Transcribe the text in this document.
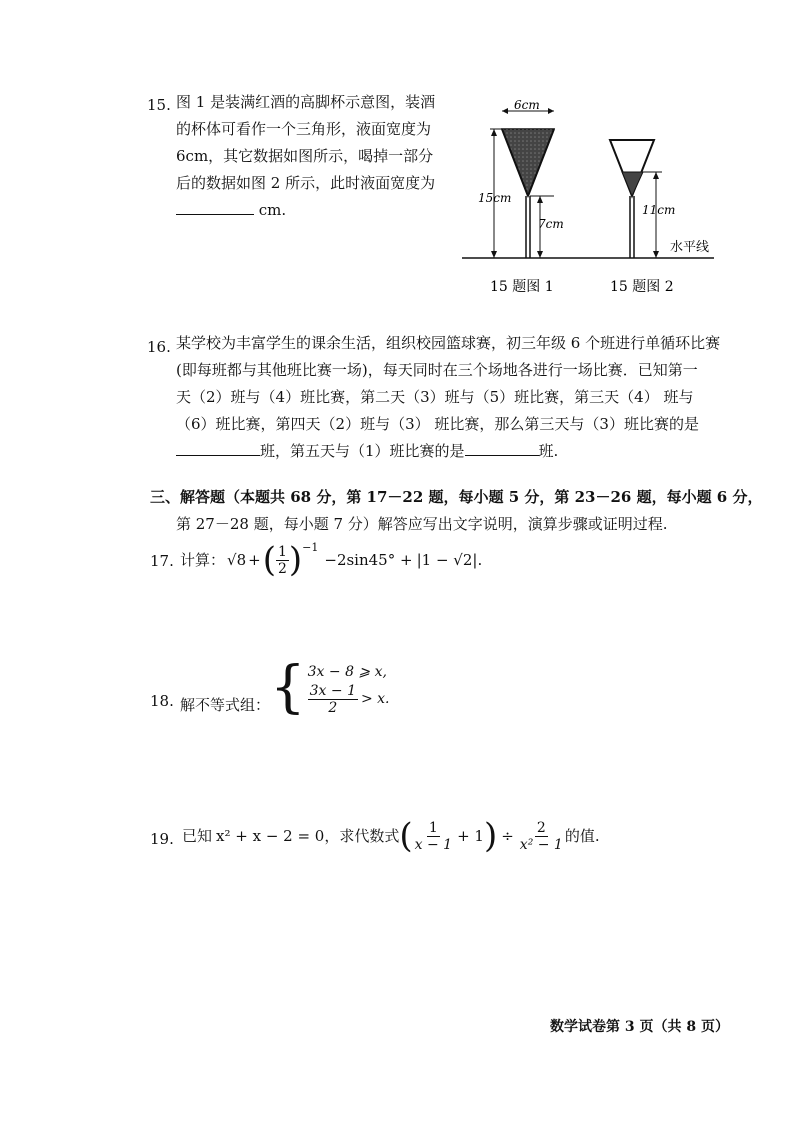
15. 图 1 是装满红酒的高脚杯示意图，装酒
的杯体可看作一个三角形，液面宽度为
6cm，其它数据如图所示，喝掉一部分
后的数据如图 2 所示，此时液面宽度为
cm.
6cm
15cm
7cm
11cm
水平线
15 题图 1	15 题图 2
16. 某学校为丰富学生的课余生活，组织校园篮球赛，初三年级 6 个班进行单循环比赛
(即每班都与其他班比赛一场)，每天同时在三个场地各进行一场比赛．已知第一
天（2）班与（4）班比赛，第二天（3）班与（5）班比赛，第三天（4） 班与
（6）班比赛，第四天（2）班与（3） 班比赛，那么第三天与（3）班比赛的是
班，第五天与（1）班比赛的是	班.
三、解答题（本题共 68 分，第 17－22 题，每小题 5 分，第 23－26 题，每小题 6 分，
第 27－28 题，每小题 7 分）解答应写出文字说明，演算步骤或证明过程.
17. 计算： √8 + ( $\frac{1}{2} )^{-1}$
−2sin45° + |1 − √2| .
18. 解不等式组： { 3x − 8 ⩾ x,
$\frac{3x - 1}{2} > x$.
19. 已知 x² + x − 2 = 0，求代数式 ( $\frac{1}{x - 1} + 1$ ) ÷ $\frac{2}{\text{x² − 1}}$ 的值.
数学试卷第 3 页（共 8 页）
